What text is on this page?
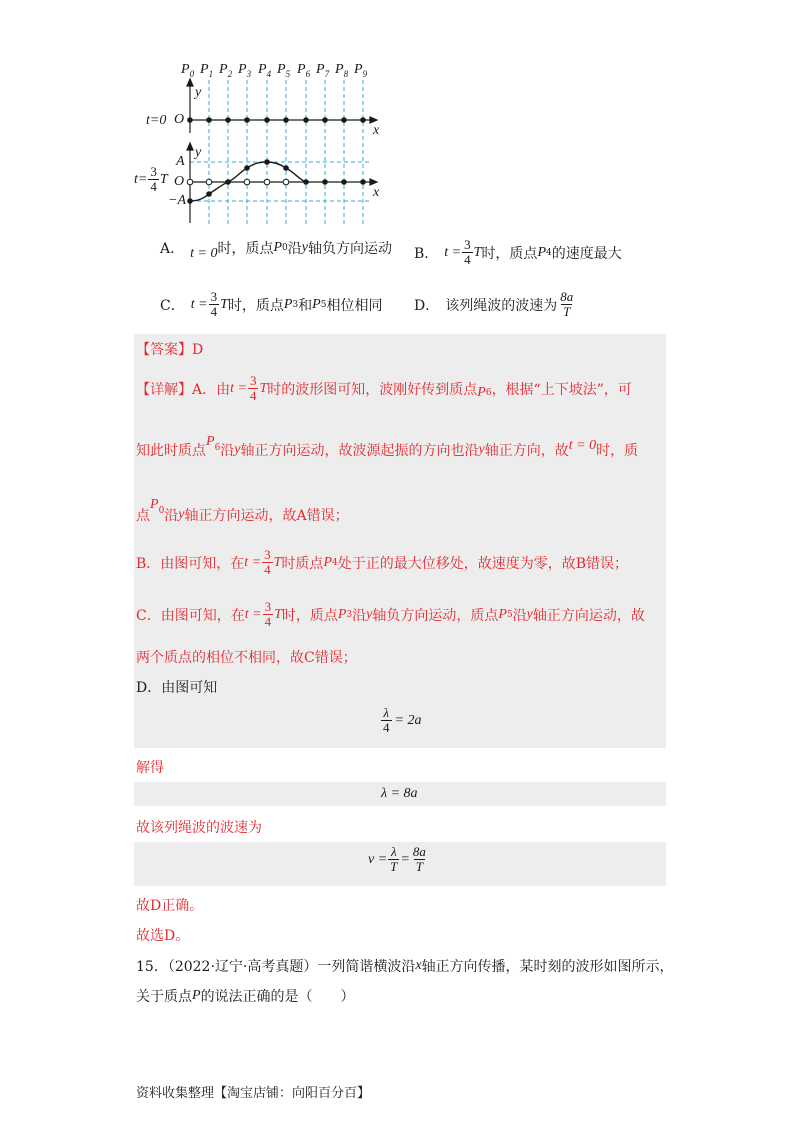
$P_0$ $P_1$ $P_2$ $P_3$ $P_4$ $P_5$ $P_6$ $P_7$ $P_8$ $P_9$
y
x
O
t=0
y
x
O
A
−A
$t= \frac{3}{4}$ T
A． t = 0 时，质点 P 0 沿 y 轴负方向运动 B． $t = \frac{3}{4}$ T 时，质点 P 4 的速度最大
C． $t = \frac{3}{4}$ T 时，质点 P 3 和 P 5 相位相同 D． 该列绳波的波速为 $\frac{8a}{T}$
【答案】D
【详解】 A．由 $t = \frac{3}{4}$ T 时的波形图可知，波刚好传到质点 $P_6$ ，根据“上下坡法”，可
知此时质点
$P_6$ 沿 y 轴正方向运动，故波源起振的方向也沿 y 轴正方向，故 t = 0 时，质
点
$P_0$ 沿 y 轴正方向运动，故A错误；
B．由图可知，在 $t = \frac{3}{4}$ T 时质点 P 4 处于正的最大位移处，故速度为零，故B错误；
C．由图可知，在 $t = \frac{3}{4}$ T 时，质点 P 3 沿 y 轴负方向运动，质点 P 5 沿 y 轴正方向运动，故
两个质点的相位不相同，故C错误；
D．由图可知
$\frac{\lambda}{4} = 2a$
解得
λ = 8a
故该列绳波的波速为
$v = \frac{\lambda}{T} = \frac{8a}{T}$
故D正确。
故选D。
15．（2022·辽宁·高考真题）一列简谐横波沿 x 轴正方向传播，某时刻的波形如图所示，
关于质点 P 的说法正确的是（　　）
资料收集整理【淘宝店铺：向阳百分百】
